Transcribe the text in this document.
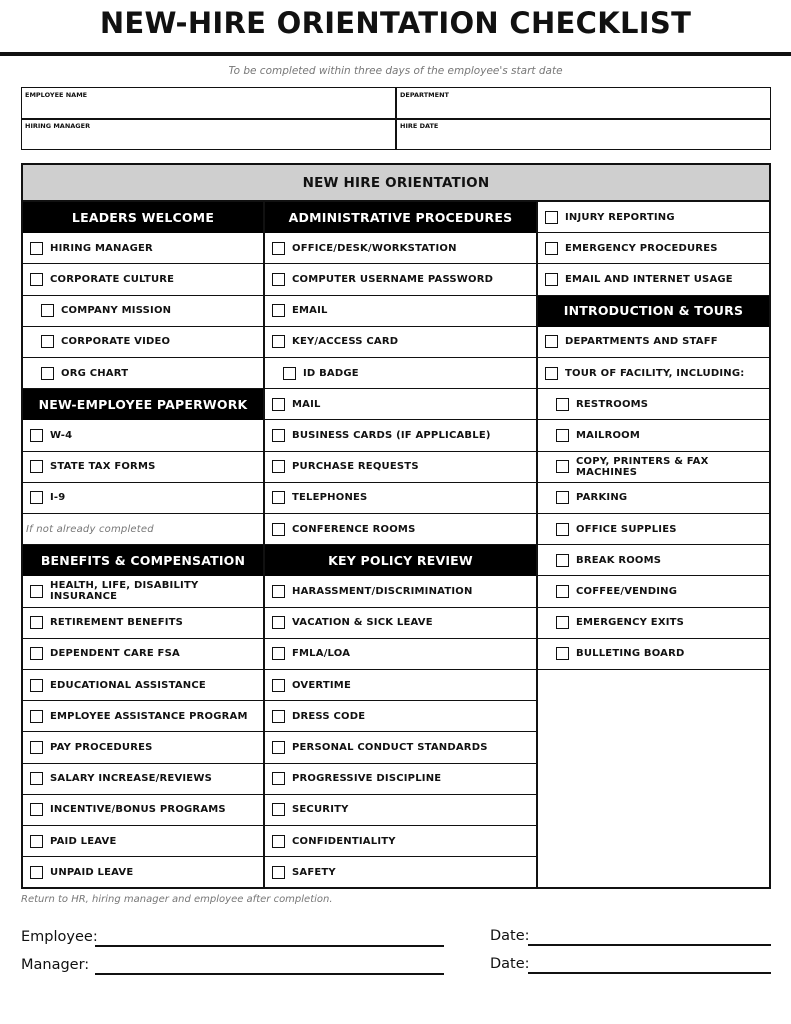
NEW-HIRE ORIENTATION CHECKLIST
To be completed within three days of the employee's start date
EMPLOYEE NAME	DEPARTMENT
HIRING MANAGER	HIRE DATE
NEW HIRE ORIENTATION
LEADERS WELCOME
HIRING MANAGER
CORPORATE CULTURE
COMPANY MISSION
CORPORATE VIDEO
ORG CHART
NEW-EMPLOYEE PAPERWORK
W-4
STATE TAX FORMS
I-9
If not already completed
BENEFITS & COMPENSATION
HEALTH, LIFE, DISABILITY INSURANCE
RETIREMENT BENEFITS
DEPENDENT CARE FSA
EDUCATIONAL ASSISTANCE
EMPLOYEE ASSISTANCE PROGRAM
PAY PROCEDURES
SALARY INCREASE/REVIEWS
INCENTIVE/BONUS PROGRAMS
PAID LEAVE
UNPAID LEAVE
ADMINISTRATIVE PROCEDURES
OFFICE/DESK/WORKSTATION
COMPUTER USERNAME PASSWORD
EMAIL
KEY/ACCESS CARD
ID BADGE
MAIL
BUSINESS CARDS (IF APPLICABLE)
PURCHASE REQUESTS
TELEPHONES
CONFERENCE ROOMS
KEY POLICY REVIEW
HARASSMENT/DISCRIMINATION
VACATION & SICK LEAVE
FMLA/LOA
OVERTIME
DRESS CODE
PERSONAL CONDUCT STANDARDS
PROGRESSIVE DISCIPLINE
SECURITY
CONFIDENTIALITY
SAFETY
INJURY REPORTING
EMERGENCY PROCEDURES
EMAIL AND INTERNET USAGE
INTRODUCTION & TOURS
DEPARTMENTS AND STAFF
TOUR OF FACILITY, INCLUDING:
RESTROOMS
MAILROOM
COPY, PRINTERS & FAX MACHINES
PARKING
OFFICE SUPPLIES
BREAK ROOMS
COFFEE/VENDING
EMERGENCY EXITS
BULLETING BOARD
Return to HR, hiring manager and employee after completion.
Employee:	Date:
Manager:	Date:
